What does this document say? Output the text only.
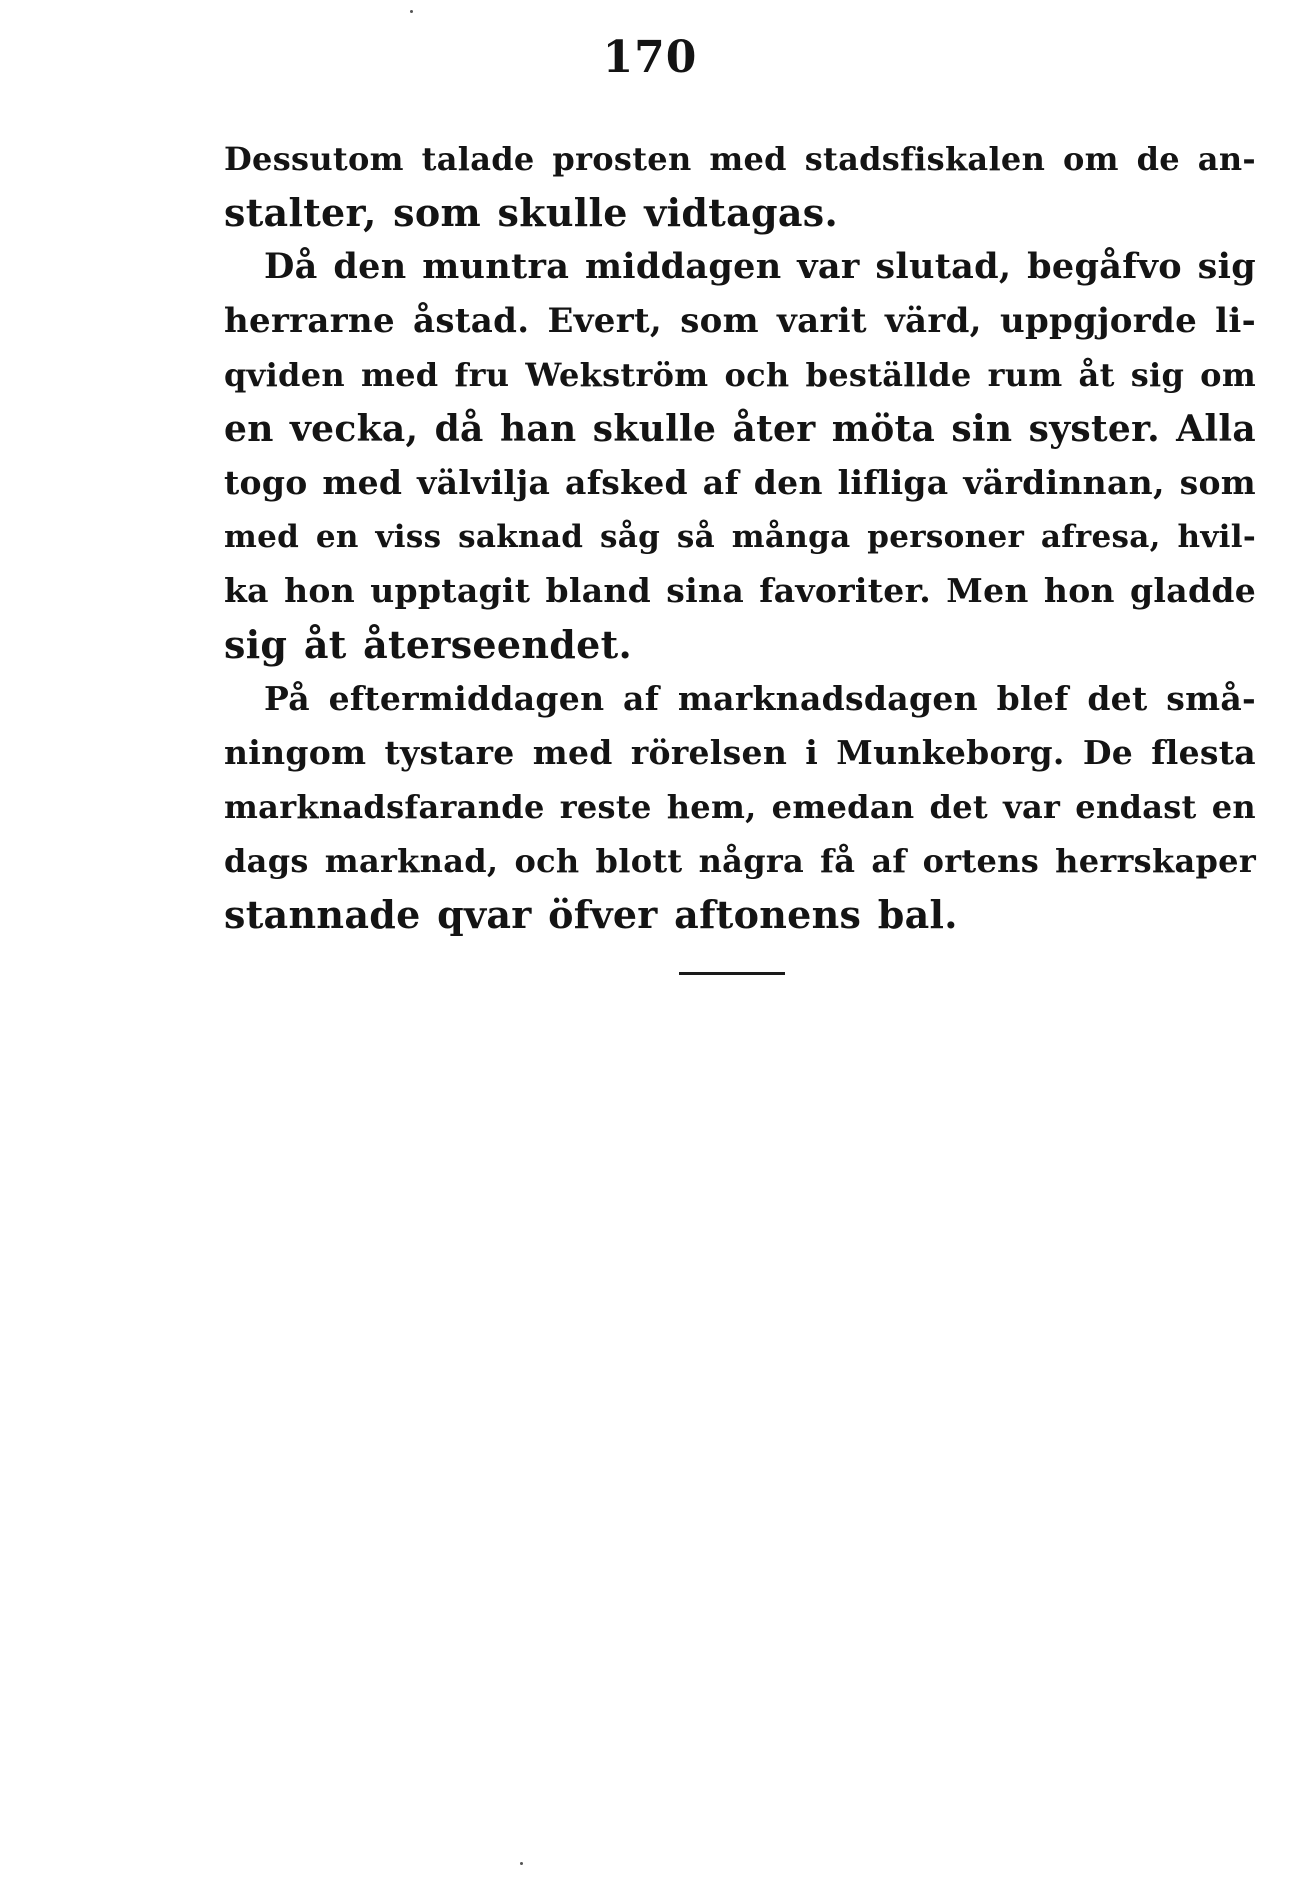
170
Dessutom talade prosten med stadsfiskalen om de an-
stalter, som skulle vidtagas.
Då den muntra middagen var slutad, begåfvo sig
herrarne åstad. Evert, som varit värd, uppgjorde li-
qviden med fru Wekström och beställde rum åt sig om
en vecka, då han skulle åter möta sin syster. Alla
togo med välvilja afsked af den lifliga värdinnan, som
med en viss saknad såg så många personer afresa, hvil-
ka hon upptagit bland sina favoriter. Men hon gladde
sig åt återseendet.
På eftermiddagen af marknadsdagen blef det små-
ningom tystare med rörelsen i Munkeborg. De flesta
marknadsfarande reste hem, emedan det var endast en
dags marknad, och blott några få af ortens herrskaper
stannade qvar öfver aftonens bal.
